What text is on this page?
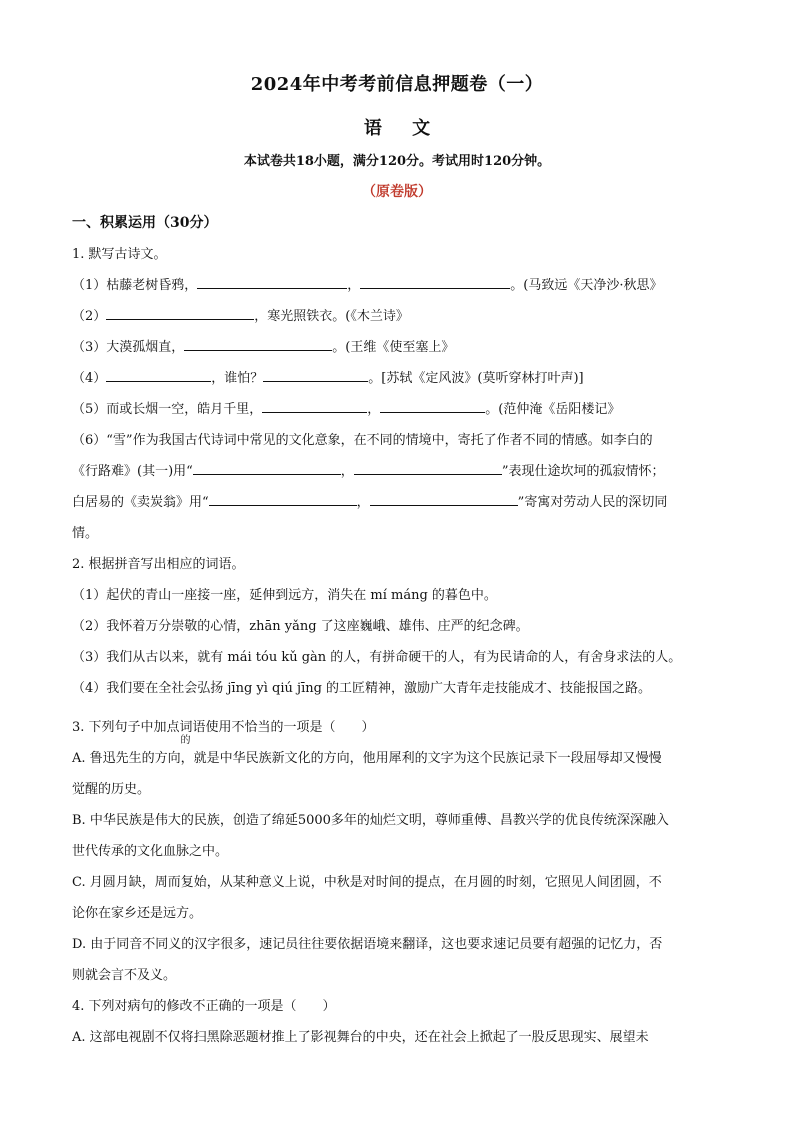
2024年中考考前信息押题卷（一）
语 文
本试卷共18小题，满分120分。考试用时120分钟。
（原卷版）
一、积累运用（30分）
1. 默写古诗文。
（1）枯藤老树昏鸦，	，	。(马致远《天净沙·秋思》
（2）	，寒光照铁衣。(《木兰诗》
（3）大漠孤烟直，	。(王维《使至塞上》
（4）	，谁怕？	。[苏轼《定风波》(莫听穿林打叶声)]
（5）而或长烟一空，皓月千里，	，	。(范仲淹《岳阳楼记》
（6）“雪”作为我国古代诗词中常见的文化意象，在不同的情境中，寄托了作者不同的情感。如李白的
《行路难》(其一)用“	，	”表现仕途坎坷的孤寂情怀；
白居易的《卖炭翁》用“	，	”寄寓对劳动人民的深切同
情。
2. 根据拼音写出相应的词语。
（1）起伏的青山一座接一座，延伸到远方，消失在 mí máng 的暮色中。
（2）我怀着万分崇敬的心情，zhān yǎng 了这座巍峨、雄伟、庄严的纪念碑。
（3）我们从古以来，就有 mái tóu kǔ gàn 的人，有拼命硬干的人，有为民请命的人，有舍身求法的人。
（4）我们要在全社会弘扬 jīng yì qiú jīng 的工匠精神，激励广大青年走技能成才、技能报国之路。
3. 下列句子中加点
的
词语使用不恰当的一项是（　　）
A. 鲁迅先生的方向，就是中华民族新文化的方向，他用犀利的文字为这个民族记录下一段屈辱却又慢慢
觉醒的历史。
B. 中华民族是伟大的民族，创造了绵延5000多年的灿烂文明，尊师重傅、昌教兴学的优良传统深深融入
世代传承的文化血脉之中。
C. 月圆月缺，周而复始，从某种意义上说，中秋是对时间的提点，在月圆的时刻，它照见人间团圆，不
论你在家乡还是远方。
D. 由于同音不同义的汉字很多，速记员往往要依据语境来翻译，这也要求速记员要有超强的记忆力，否
则就会言不及义。
4. 下列对病句的修改不正确的一项是（　　）
A. 这部电视剧不仅将扫黑除恶题材推上了影视舞台的中央，还在社会上掀起了一股反思现实、展望未
